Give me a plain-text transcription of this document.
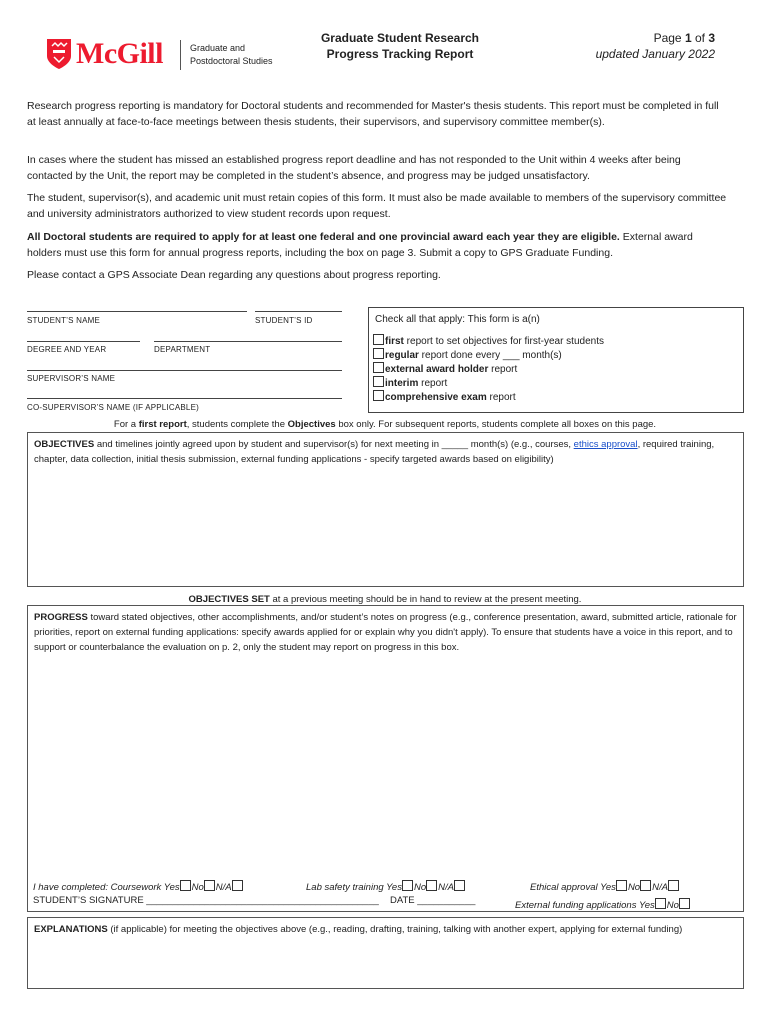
McGill	Graduate and
Postdoctoral Studies
Graduate Student Research
Progress Tracking Report
Page 1 of 3
updated January 2022
Research progress reporting is mandatory for Doctoral students and recommended for Master's thesis students. This report must be completed in full at least annually at face-to-face meetings between thesis students, their supervisors, and supervisory committee member(s).
In cases where the student has missed an established progress report deadline and has not responded to the Unit within 4 weeks after being contacted by the Unit, the report may be completed in the student’s absence, and progress may be judged unsatisfactory.
The student, supervisor(s), and academic unit must retain copies of this form. It must also be made available to members of the supervisory committee and university administrators authorized to view student records upon request.
All Doctoral students are required to apply for at least one federal and one provincial award each year they are eligible. External award holders must use this form for annual progress reports, including the box on page 3. Submit a copy to GPS Graduate Funding.
Please contact a GPS Associate Dean regarding any questions about progress reporting.
STUDENT’S NAME	STUDENT’S ID
DEGREE AND YEAR	DEPARTMENT
SUPERVISOR’S NAME
CO-SUPERVISOR’S NAME (IF APPLICABLE)
Check all that apply: This form is a(n)
first report to set objectives for first-year students
regular report done every ___ month(s)
external award holder report
interim report
comprehensive exam report
For a first report, students complete the Objectives box only. For subsequent reports, students complete all boxes on this page.
OBJECTIVES and timelines jointly agreed upon by student and supervisor(s) for next meeting in _____ month(s) (e.g., courses, ethics approval, required training, chapter, data collection, initial thesis submission, external funding applications - specify targeted awards based on eligibility)
OBJECTIVES SET at a previous meeting should be in hand to review at the present meeting.
PROGRESS toward stated objectives, other accomplishments, and/or student’s notes on progress (e.g., conference presentation, award, submitted article, rationale for priorities, report on external funding applications: specify awards applied for or explain why you didn't apply). To ensure that students have a voice in this report, and to support or counterbalance the evaluation on p. 2, only the student may report on progress in this box.
I have completed: Coursework Yes No N/A	Lab safety training Yes No N/A	Ethical approval Yes No N/A
STUDENT’S SIGNATURE ____________________________________________ DATE ___________	External funding applications Yes No
EXPLANATIONS (if applicable) for meeting the objectives above (e.g., reading, drafting, training, talking with another expert, applying for external funding)
